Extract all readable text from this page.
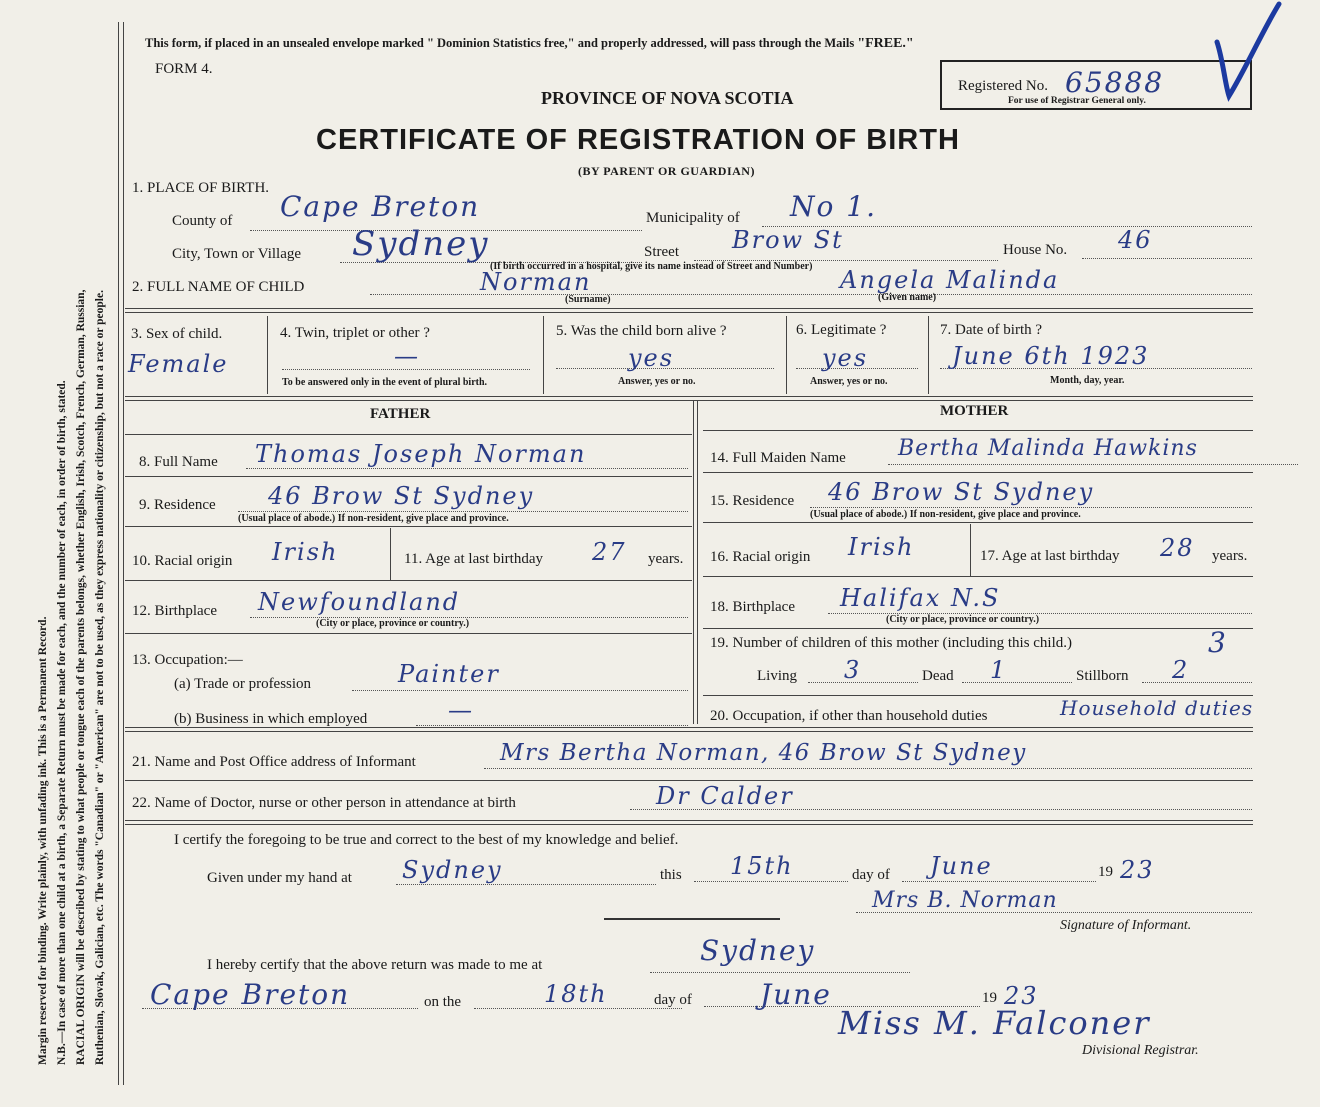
Margin reserved for binding. Write plainly, with unfading ink. This is a Permanent Record. N.B.—In case of more than one child at a birth, a Separate Return must be made for each, and the number of each, in order of birth, stated. RACIAL ORIGIN will be described by stating to what people or tongue each of the parents belongs, whether English, Irish, Scotch, French, German, Russian, Ruthenian, Slovak, Galician, etc. The words "Canadian" or "American" are not to be used, as they express nationality or citizenship, but not a race or people.
This form, if placed in an unsealed envelope marked " Dominion Statistics free," and properly addressed, will pass through the Mails "FREE."
FORM 4.
PROVINCE OF NOVA SCOTIA
CERTIFICATE OF REGISTRATION OF BIRTH
(BY PARENT OR GUARDIAN)
Registered No. 65888
For use of Registrar General only.
1. PLACE OF BIRTH.
County of Cape Breton	Municipality of No 1.
City, Town or Village Sydney	Street Brow St	House No. 46
(If birth occurred in a hospital, give its name instead of Street and Number)
2. FULL NAME OF CHILD	Norman
(Surname)
Angela Malinda
(Given name)
3. Sex of child.
Female
4. Twin, triplet or other ?
—
To be answered only in the event of plural birth.
5. Was the child born alive ?
yes
Answer, yes or no.
6. Legitimate ?
yes
Answer, yes or no.
7. Date of birth ?
June 6th 1923
Month, day, year.
FATHER	MOTHER
8. Full Name Thomas Joseph Norman
9. Residence 46 Brow St Sydney
(Usual place of abode.) If non-resident, give place and province.
10. Racial origin Irish	11. Age at last birthday 27 years.
12. Birthplace Newfoundland
(City or place, province or country.)
13. Occupation:—
(a) Trade or profession	Painter
(b) Business in which employed	—
14. Full Maiden Name Bertha Malinda Hawkins
15. Residence 46 Brow St Sydney
(Usual place of abode.) If non-resident, give place and province.
16. Racial origin Irish	17. Age at last birthday 28 years.
18. Birthplace Halifax N.S
(City or place, province or country.)
19. Number of children of this mother (including this child.)	3
Living 3	Dead 1	Stillborn 2
20. Occupation, if other than household duties	Household duties
21. Name and Post Office address of Informant	Mrs Bertha Norman, 46 Brow St Sydney
22. Name of Doctor, nurse or other person in attendance at birth	Dr Calder
I certify the foregoing to be true and correct to the best of my knowledge and belief.
Given under my hand at Sydney	this 15th	day of June	19 23
Mrs B. Norman
Signature of Informant.
I hereby certify that the above return was made to me at	Sydney
Cape Breton	on the	18th	day of June	19 23
Miss M. Falconer
Divisional Registrar.
